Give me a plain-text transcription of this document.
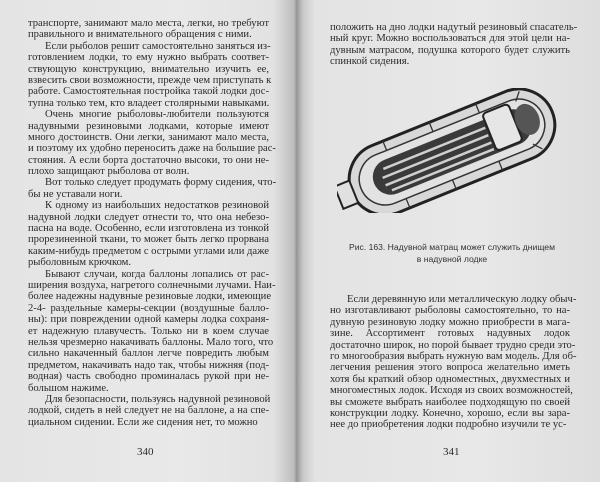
транспорте, занимают мало места, легки, но требуют
правильного и внимательного обращения с ними.
Если рыболов решит самостоятельно заняться из-
готовлением лодки, то ему нужно выбрать соответ-
ствующую конструкцию, внимательно изучить ее,
взвесить свои возможности, прежде чем приступать к
работе. Самостоятельная постройка такой лодки дос-
тупна только тем, кто владеет столярными навыками.
Очень многие рыболовы-любители пользуются
надувными резиновыми лодками, которые имеют
много достоинств. Они легки, занимают мало места,
и поэтому их удобно переносить даже на большие рас-
стояния. А если борта достаточно высоки, то они не-
плохо защищают рыболова от волн.
Вот только следует продумать форму сидения, что-
бы не уставали ноги.
К одному из наибольших недостатков резиновой
надувной лодки следует отнести то, что она небезо-
пасна на воде. Особенно, если изготовлена из тонкой
прорезиненной ткани, то может быть легко прорвана
каким-нибудь предметом с острыми углами или даже
рыболовным крючком.
Бывают случаи, когда баллоны лопались от рас-
ширения воздуха, нагретого солнечными лучами. Наи-
более надежны надувные резиновые лодки, имеющие
2-4- раздельные камеры-секции (воздушные балло-
ны): при повреждении одной камеры лодка сохраня-
ет надежную плавучесть. Только ни в коем случае
нельзя чрезмерно накачивать баллоны. Мало того, что
сильно накаченный баллон легче повредить любым
предметом, накачивать надо так, чтобы нижняя (под-
водная) часть свободно проминалась рукой при не-
большом нажиме.
Для безопасности, пользуясь надувной резиновой
лодкой, сидеть в ней следует не на баллоне, а на спе-
циальном сидении. Если же сидения нет, то можно
340
положить на дно лодки надутый резиновый спасатель-
ный круг. Можно воспользоваться для этой цели на-
дувным матрасом, подушка которого будет служить
спинкой сидения.
Рис. 163. Надувной матрац может служить днищем
в надувной лодке
Если деревянную или металлическую лодку обыч-
но изготавливают рыболовы самостоятельно, то на-
дувную резиновую лодку можно приобрести в мага-
зине. Ассортимент готовых надувных лодок
достаточно широк, но порой бывает трудно среди это-
го многообразия выбрать нужную вам модель. Для об-
легчения решения этого вопроса желательно иметь
хотя бы краткий обзор одноместных, двухместных и
многоместных лодок. Исходя из своих возможностей,
вы сможете выбрать наиболее подходящую по своей
конструкции лодку. Конечно, хорошо, если вы зара-
нее до приобретения лодки подробно изучили те ус-
341
